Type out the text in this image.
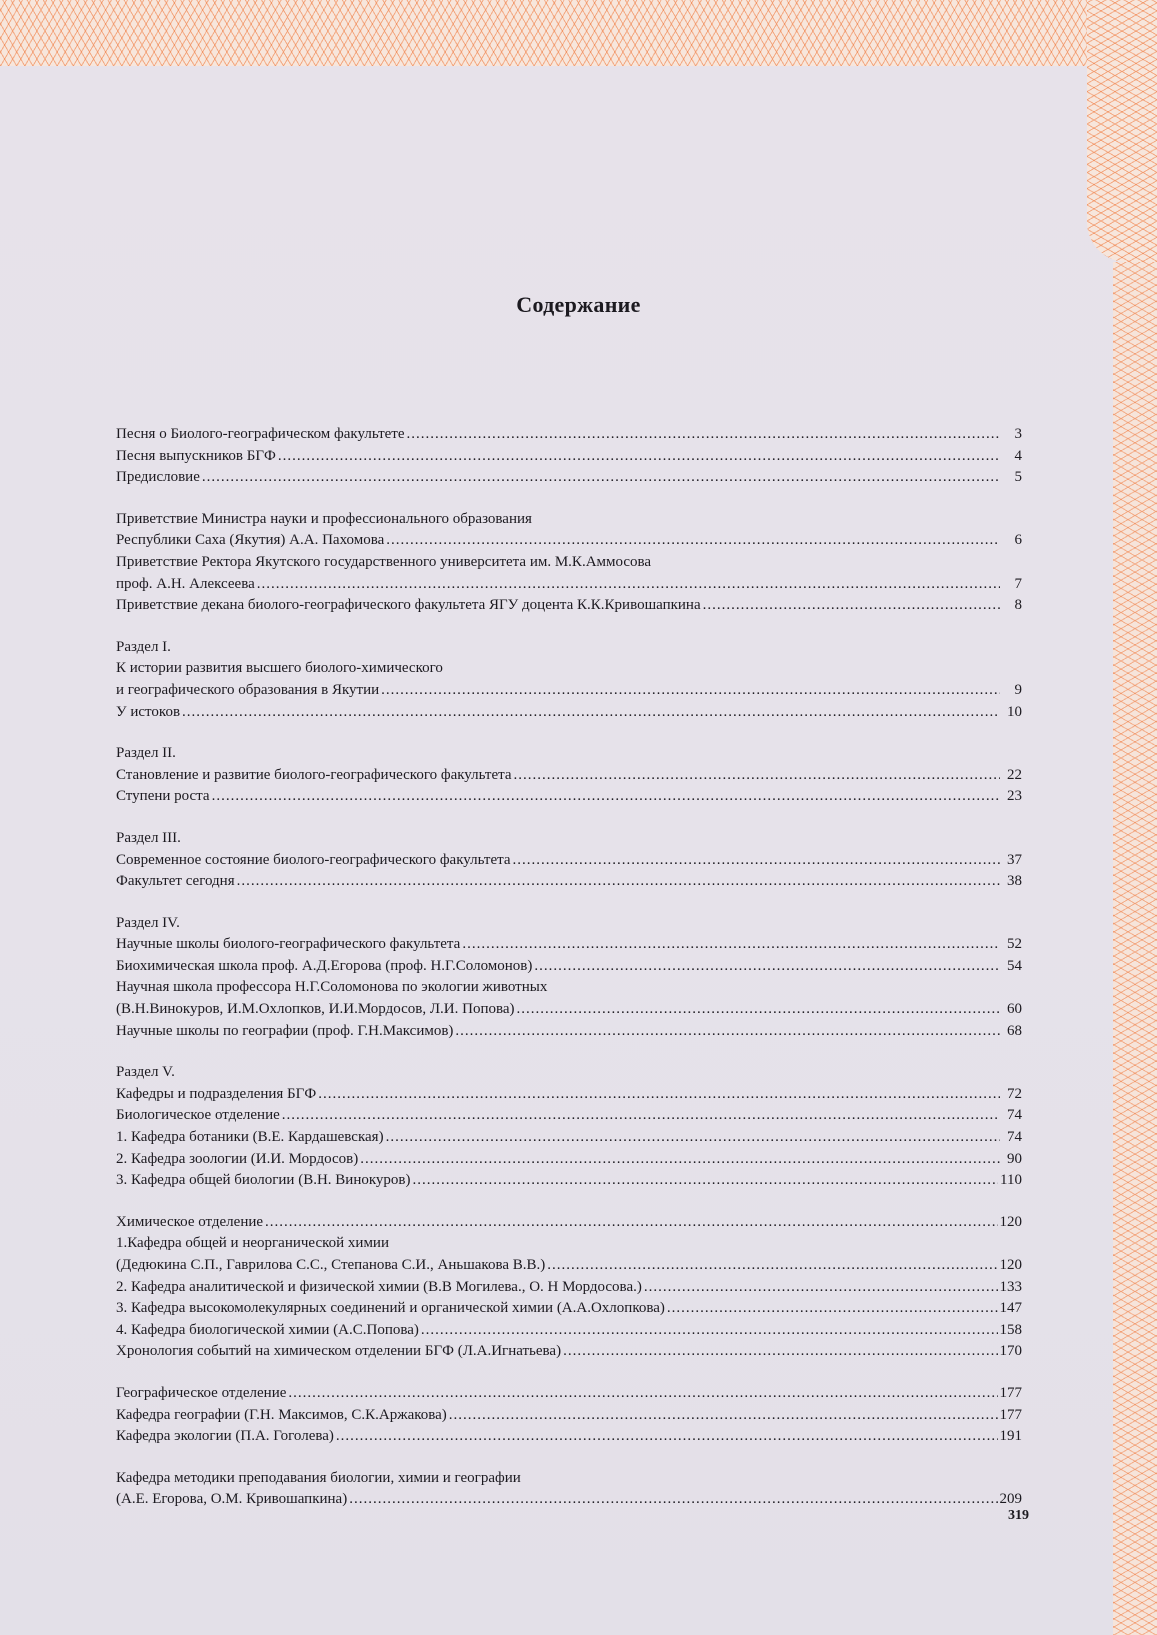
Содержание
Песня о Биолого-географическом факультете .....	3
Песня выпускников БГФ .....	4
Предисловие .....	5
Приветствие Министра науки и профессионального образования
Республики Саха (Якутия) А.А. Пахомова .....	6
Приветствие Ректора Якутского государственного университета им. М.К.Аммосова
проф. А.Н. Алексеева .....	7
Приветствие декана биолого-географического факультета ЯГУ доцента К.К.Кривошапкина .....	8
Раздел I.
К истории развития высшего биолого-химического
и географического образования в Якутии .....	9
У истоков .....	10
Раздел II.
Становление и развитие биолого-географического факультета .....	22
Ступени роста .....	23
Раздел III.
Современное состояние биолого-географического факультета .....	37
Факультет сегодня .....	38
Раздел IV.
Научные школы биолого-географического факультета .....	52
Биохимическая школа проф. А.Д.Егорова (проф. Н.Г.Соломонов) .....	54
Научная школа профессора Н.Г.Соломонова по экологии животных
(В.Н.Винокуров, И.М.Охлопков, И.И.Мордосов, Л.И. Попова) .....	60
Научные школы по географии (проф. Г.Н.Максимов) .....	68
Раздел V.
Кафедры и подразделения БГФ .....	72
Биологическое отделение .....	74
1. Кафедра ботаники (В.Е. Кардашевская) .....	74
2. Кафедра зоологии (И.И. Мордосов) .....	90
3. Кафедра общей биологии (В.Н. Винокуров) .....	110
Химическое отделение .....	120
1.Кафедра общей и неорганической химии
(Дедюкина С.П., Гаврилова С.С., Степанова С.И., Аньшакова В.В.) .....	120
2. Кафедра аналитической и физической химии (В.В Могилева., О. Н Мордосова.) .....	133
3. Кафедра высокомолекулярных соединений и органической химии (А.А.Охлопкова) .....	147
4. Кафедра биологической химии (А.С.Попова) .....	158
Хронология событий на химическом отделении БГФ (Л.А.Игнатьева) .....	170
Географическое отделение .....	177
Кафедра географии (Г.Н. Максимов, С.К.Аржакова) .....	177
Кафедра экологии (П.А. Гоголева) .....	191
Кафедра методики преподавания биологии, химии и географии
(А.Е. Егорова, О.М. Кривошапкина) .....	209
319
